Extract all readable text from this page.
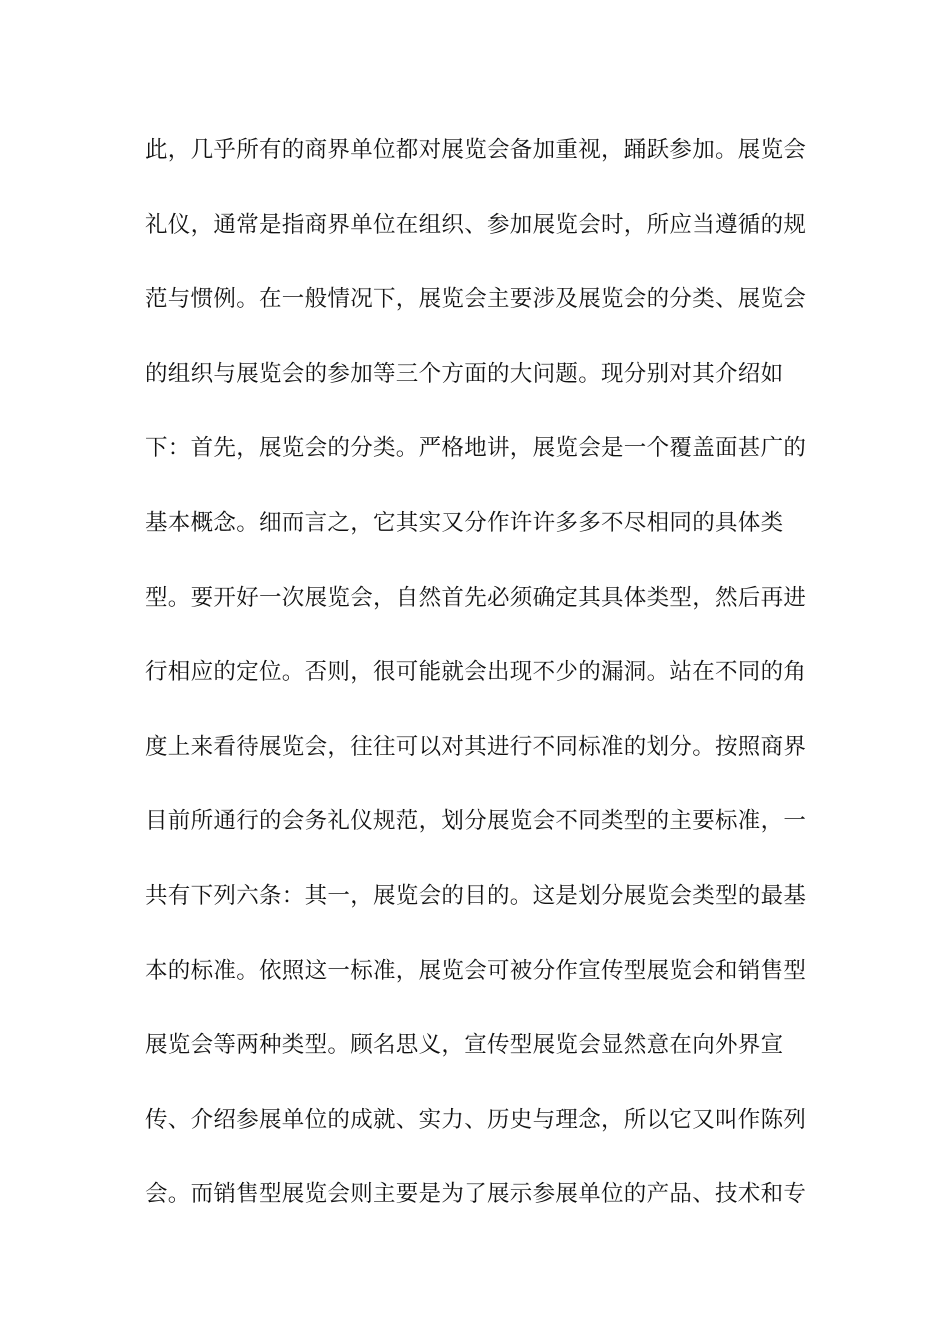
此，几乎所有的商界单位都对展览会备加重视，踊跃参加。展览会
礼仪，通常是指商界单位在组织、参加展览会时，所应当遵循的规
范与惯例。在一般情况下，展览会主要涉及展览会的分类、展览会
的组织与展览会的参加等三个方面的大问题。现分别对其介绍如
下：首先，展览会的分类。严格地讲，展览会是一个覆盖面甚广的
基本概念。细而言之，它其实又分作许许多多不尽相同的具体类
型。要开好一次展览会，自然首先必须确定其具体类型，然后再进
行相应的定位。否则，很可能就会出现不少的漏洞。站在不同的角
度上来看待展览会，往往可以对其进行不同标准的划分。按照商界
目前所通行的会务礼仪规范，划分展览会不同类型的主要标准，一
共有下列六条：其一，展览会的目的。这是划分展览会类型的最基
本的标准。依照这一标准，展览会可被分作宣传型展览会和销售型
展览会等两种类型。顾名思义，宣传型展览会显然意在向外界宣
传、介绍参展单位的成就、实力、历史与理念，所以它又叫作陈列
会。而销售型展览会则主要是为了展示参展单位的产品、技术和专
